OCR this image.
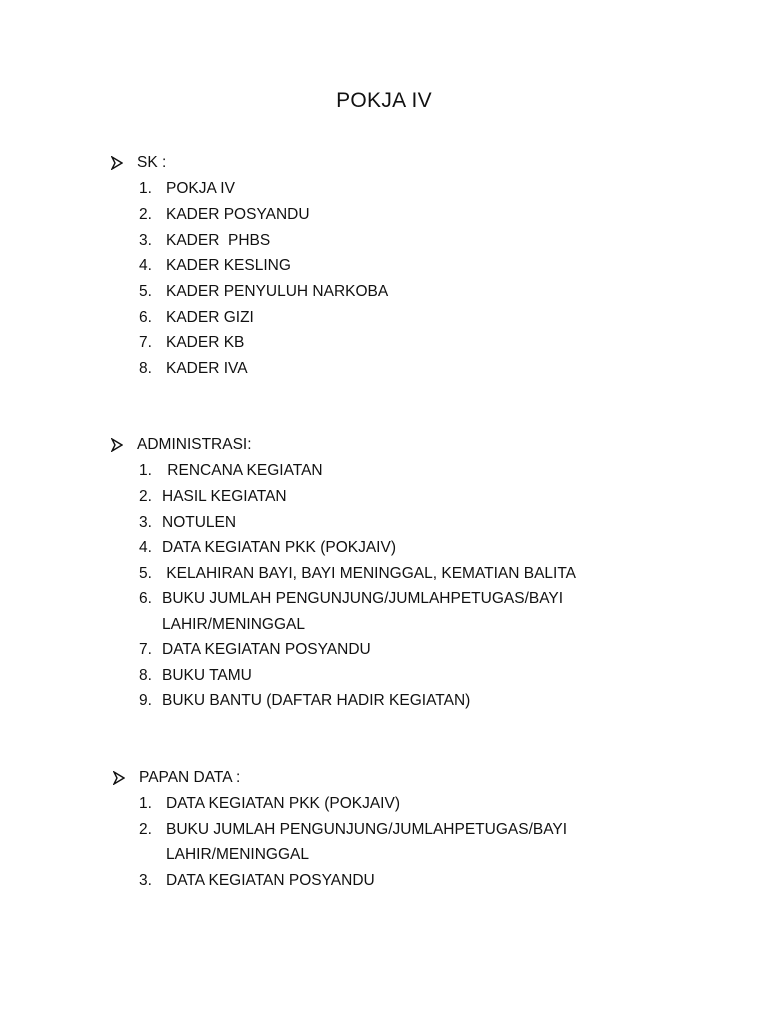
POKJA IV
SK :
1. POKJA IV
2. KADER POSYANDU
3. KADER  PHBS
4. KADER KESLING
5. KADER PENYULUH NARKOBA
6. KADER GIZI
7. KADER KB
8. KADER IVA
ADMINISTRASI:
1. RENCANA KEGIATAN
2. HASIL KEGIATAN
3. NOTULEN
4. DATA KEGIATAN PKK (POKJAIV)
5. KELAHIRAN BAYI, BAYI MENINGGAL, KEMATIAN BALITA
6. BUKU JUMLAH PENGUNJUNG/JUMLAHPETUGAS/BAYI
LAHIR/MENINGGAL
7. DATA KEGIATAN POSYANDU
8. BUKU TAMU
9. BUKU BANTU (DAFTAR HADIR KEGIATAN)
PAPAN DATA :
1. DATA KEGIATAN PKK (POKJAIV)
2. BUKU JUMLAH PENGUNJUNG/JUMLAHPETUGAS/BAYI
LAHIR/MENINGGAL
3. DATA KEGIATAN POSYANDU
